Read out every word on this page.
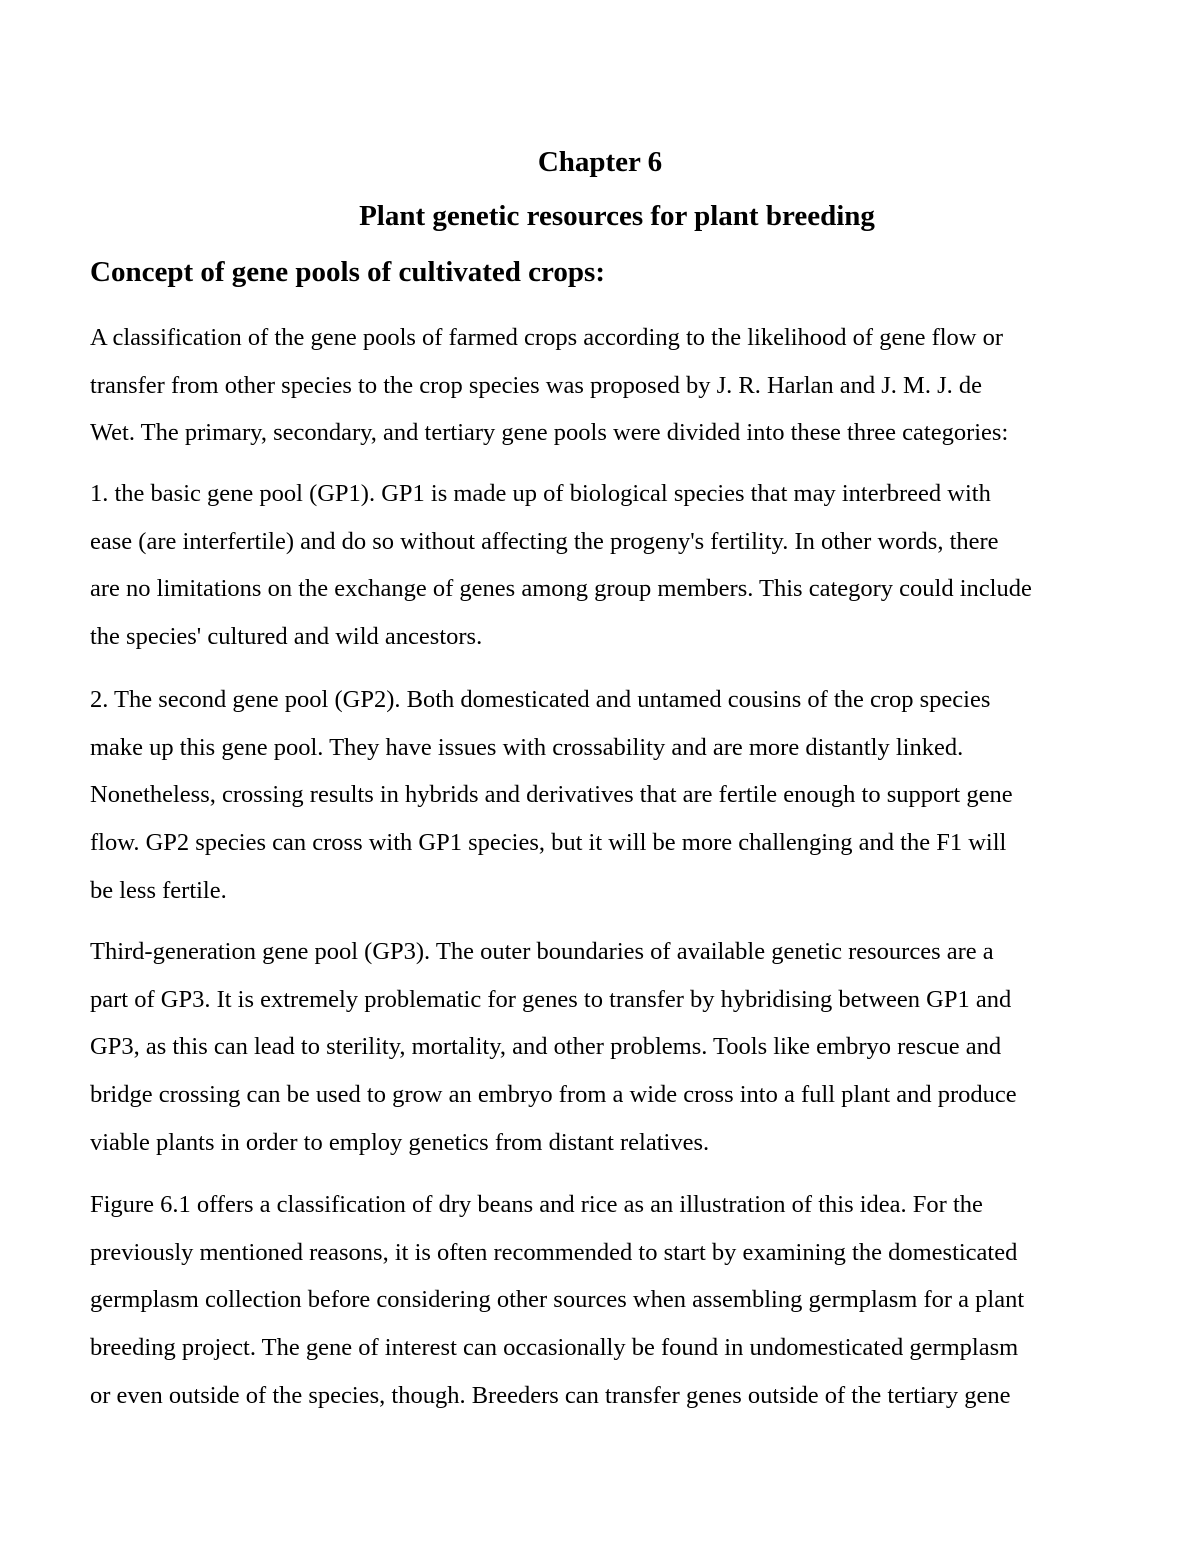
Chapter 6
Plant genetic resources for plant breeding
Concept of gene pools of cultivated crops:
A classification of the gene pools of farmed crops according to the likelihood of gene flow or
transfer from other species to the crop species was proposed by J. R. Harlan and J. M. J. de
Wet. The primary, secondary, and tertiary gene pools were divided into these three categories:
1. the basic gene pool (GP1). GP1 is made up of biological species that may interbreed with
ease (are interfertile) and do so without affecting the progeny's fertility. In other words, there
are no limitations on the exchange of genes among group members. This category could include
the species' cultured and wild ancestors.
2. The second gene pool (GP2). Both domesticated and untamed cousins of the crop species
make up this gene pool. They have issues with crossability and are more distantly linked.
Nonetheless, crossing results in hybrids and derivatives that are fertile enough to support gene
flow. GP2 species can cross with GP1 species, but it will be more challenging and the F1 will
be less fertile.
Third-generation gene pool (GP3). The outer boundaries of available genetic resources are a
part of GP3. It is extremely problematic for genes to transfer by hybridising between GP1 and
GP3, as this can lead to sterility, mortality, and other problems. Tools like embryo rescue and
bridge crossing can be used to grow an embryo from a wide cross into a full plant and produce
viable plants in order to employ genetics from distant relatives.
Figure 6.1 offers a classification of dry beans and rice as an illustration of this idea. For the
previously mentioned reasons, it is often recommended to start by examining the domesticated
germplasm collection before considering other sources when assembling germplasm for a plant
breeding project. The gene of interest can occasionally be found in undomesticated germplasm
or even outside of the species, though. Breeders can transfer genes outside of the tertiary gene
